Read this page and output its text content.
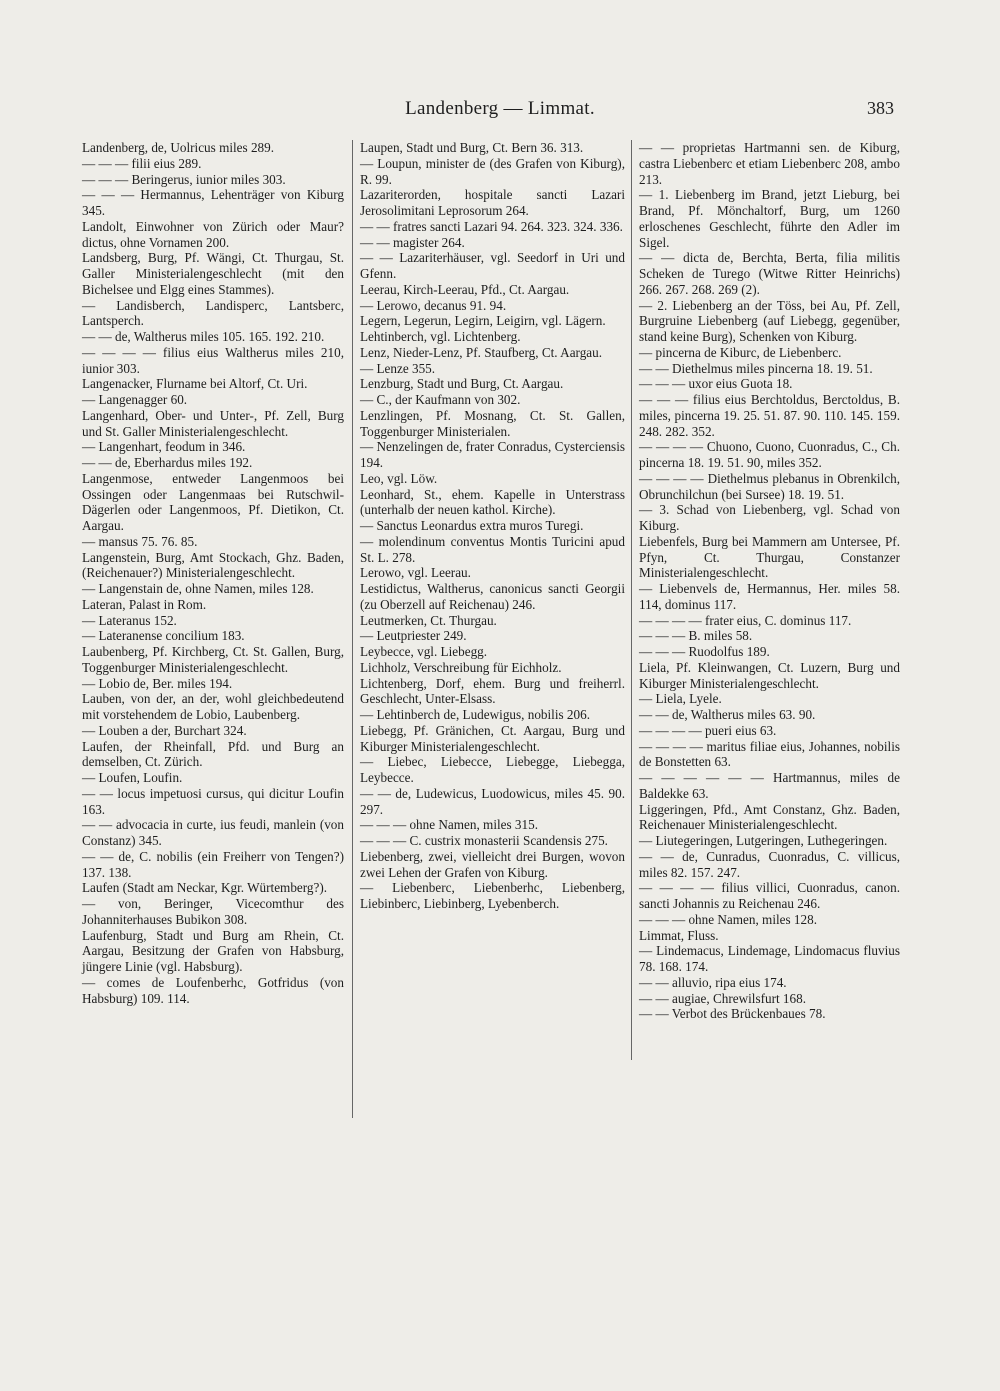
Landenberg — Limmat.	383

Landenberg, de, Uolricus miles 289.

— — — filii eius 289.

— — — Beringerus, iunior miles 303.

— — — Hermannus, Lehenträger von Kiburg 345.

Landolt, Einwohner von Zürich oder Maur? dictus, ohne Vornamen 200.

Landsberg, Burg, Pf. Wängi, Ct. Thurgau, St. Galler Ministerialengeschlecht (mit den Bichelsee und Elgg eines Stammes).

— Landisberch, Landisperc, Lantsberc, Lantsperch.

— — de, Waltherus miles 105. 165. 192. 210.

— — — — filius eius Waltherus miles 210, iunior 303.

Langenacker, Flurname bei Altorf, Ct. Uri.

— Langenagger 60.

Langenhard, Ober- und Unter-, Pf. Zell, Burg und St. Galler Ministerialengeschlecht.

— Langenhart, feodum in 346.

— — de, Eberhardus miles 192.

Langenmose, entweder Langenmoos bei Ossingen oder Langenmaas bei Rutschwil-Dägerlen oder Langenmoos, Pf. Dietikon, Ct. Aargau.

— mansus 75. 76. 85.

Langenstein, Burg, Amt Stockach, Ghz. Baden, (Reichenauer?) Ministerialengeschlecht.

— Langenstain de, ohne Namen, miles 128.

Lateran, Palast in Rom.

— Lateranus 152.

— Lateranense concilium 183.

Laubenberg, Pf. Kirchberg, Ct. St. Gallen, Burg, Toggenburger Ministerialengeschlecht.

— Lobio de, Ber. miles 194.

Lauben, von der, an der, wohl gleichbedeutend mit vorstehendem de Lobio, Laubenberg.

— Louben a der, Burchart 324.

Laufen, der Rheinfall, Pfd. und Burg an demselben, Ct. Zürich.

— Loufen, Loufin.

— — locus impetuosi cursus, qui dicitur Loufin 163.

— — advocacia in curte, ius feudi, manlein (von Constanz) 345.

— — de, C. nobilis (ein Freiherr von Tengen?) 137. 138.

Laufen (Stadt am Neckar, Kgr. Würtemberg?).

— von, Beringer, Vicecomthur des Johanniterhauses Bubikon 308.

Laufenburg, Stadt und Burg am Rhein, Ct. Aargau, Besitzung der Grafen von Habsburg, jüngere Linie (vgl. Habsburg).

— comes de Loufenberhc, Gotfridus (von Habsburg) 109. 114.

Laupen, Stadt und Burg, Ct. Bern 36. 313.

— Loupun, minister de (des Grafen von Kiburg), R. 99.

Lazariterorden, hospitale sancti Lazari Jerosolimitani Leprosorum 264.

— — fratres sancti Lazari 94. 264. 323. 324. 336.

— — magister 264.

— — Lazariterhäuser, vgl. Seedorf in Uri und Gfenn.

Leerau, Kirch-Leerau, Pfd., Ct. Aargau.

— Lerowo, decanus 91. 94.

Legern, Legerun, Legirn, Leigirn, vgl. Lägern.

Lehtinberch, vgl. Lichtenberg.

Lenz, Nieder-Lenz, Pf. Staufberg, Ct. Aargau.

— Lenze 355.

Lenzburg, Stadt und Burg, Ct. Aargau.

— C., der Kaufmann von 302.

Lenzlingen, Pf. Mosnang, Ct. St. Gallen, Toggenburger Ministerialen.

— Nenzelingen de, frater Conradus, Cysterciensis 194.

Leo, vgl. Löw.

Leonhard, St., ehem. Kapelle in Unterstrass (unterhalb der neuen kathol. Kirche).

— Sanctus Leonardus extra muros Turegi.

— molendinum conventus Montis Turicini apud St. L. 278.

Lerowo, vgl. Leerau.

Lestidictus, Waltherus, canonicus sancti Georgii (zu Oberzell auf Reichenau) 246.

Leutmerken, Ct. Thurgau.

— Leutpriester 249.

Leybecce, vgl. Liebegg.

Lichholz, Verschreibung für Eichholz.

Lichtenberg, Dorf, ehem. Burg und freiherrl. Geschlecht, Unter-Elsass.

— Lehtinberch de, Ludewigus, nobilis 206.

Liebegg, Pf. Gränichen, Ct. Aargau, Burg und Kiburger Ministerialengeschlecht.

— Liebec, Liebecce, Liebegge, Liebegga, Leybecce.

— — de, Ludewicus, Luodowicus, miles 45. 90. 297.

— — — ohne Namen, miles 315.

— — — C. custrix monasterii Scandensis 275.

Liebenberg, zwei, vielleicht drei Burgen, wovon zwei Lehen der Grafen von Kiburg.

— Liebenberc, Liebenberhc, Liebenberg, Liebinberc, Liebinberg, Lyebenberch.

— — proprietas Hartmanni sen. de Kiburg, castra Liebenberc et etiam Liebenberc 208, ambo 213.

— 1. Liebenberg im Brand, jetzt Lieburg, bei Brand, Pf. Mönchaltorf, Burg, um 1260 erloschenes Geschlecht, führte den Adler im Sigel.

— — dicta de, Berchta, Berta, filia militis Scheken de Turego (Witwe Ritter Heinrichs) 266. 267. 268. 269 (2).

— 2. Liebenberg an der Töss, bei Au, Pf. Zell, Burgruine Liebenberg (auf Liebegg, gegenüber, stand keine Burg), Schenken von Kiburg.

— pincerna de Kiburc, de Liebenberc.

— — Diethelmus miles pincerna 18. 19. 51.

— — — uxor eius Guota 18.

— — — filius eius Berchtoldus, Berctoldus, B. miles, pincerna 19. 25. 51. 87. 90. 110. 145. 159. 248. 282. 352.

— — — — Chuono, Cuono, Cuonradus, C., Ch. pincerna 18. 19. 51. 90, miles 352.

— — — — Diethelmus plebanus in Obrenkilch, Obrunchilchun (bei Sursee) 18. 19. 51.

— 3. Schad von Liebenberg, vgl. Schad von Kiburg.

Liebenfels, Burg bei Mammern am Untersee, Pf. Pfyn, Ct. Thurgau, Constanzer Ministerialengeschlecht.

— Liebenvels de, Hermannus, Her. miles 58. 114, dominus 117.

— — — — frater eius, C. dominus 117.

— — — B. miles 58.

— — — Ruodolfus 189.

Liela, Pf. Kleinwangen, Ct. Luzern, Burg und Kiburger Ministerialengeschlecht.

— Liela, Lyele.

— — de, Waltherus miles 63. 90.

— — — — pueri eius 63.

— — — — maritus filiae eius, Johannes, nobilis de Bonstetten 63.

— — — — — — Hartmannus, miles de Baldekke 63.

Liggeringen, Pfd., Amt Constanz, Ghz. Baden, Reichenauer Ministerialengeschlecht.

— Liutegeringen, Lutgeringen, Luthegeringen.

— — de, Cunradus, Cuonradus, C. villicus, miles 82. 157. 247.

— — — — filius villici, Cuonradus, canon. sancti Johannis zu Reichenau 246.

— — — ohne Namen, miles 128.

Limmat, Fluss.

— Lindemacus, Lindemage, Lindomacus fluvius 78. 168. 174.

— — alluvio, ripa eius 174.

— — augiae, Chrewilsfurt 168.

— — Verbot des Brückenbaues 78.
